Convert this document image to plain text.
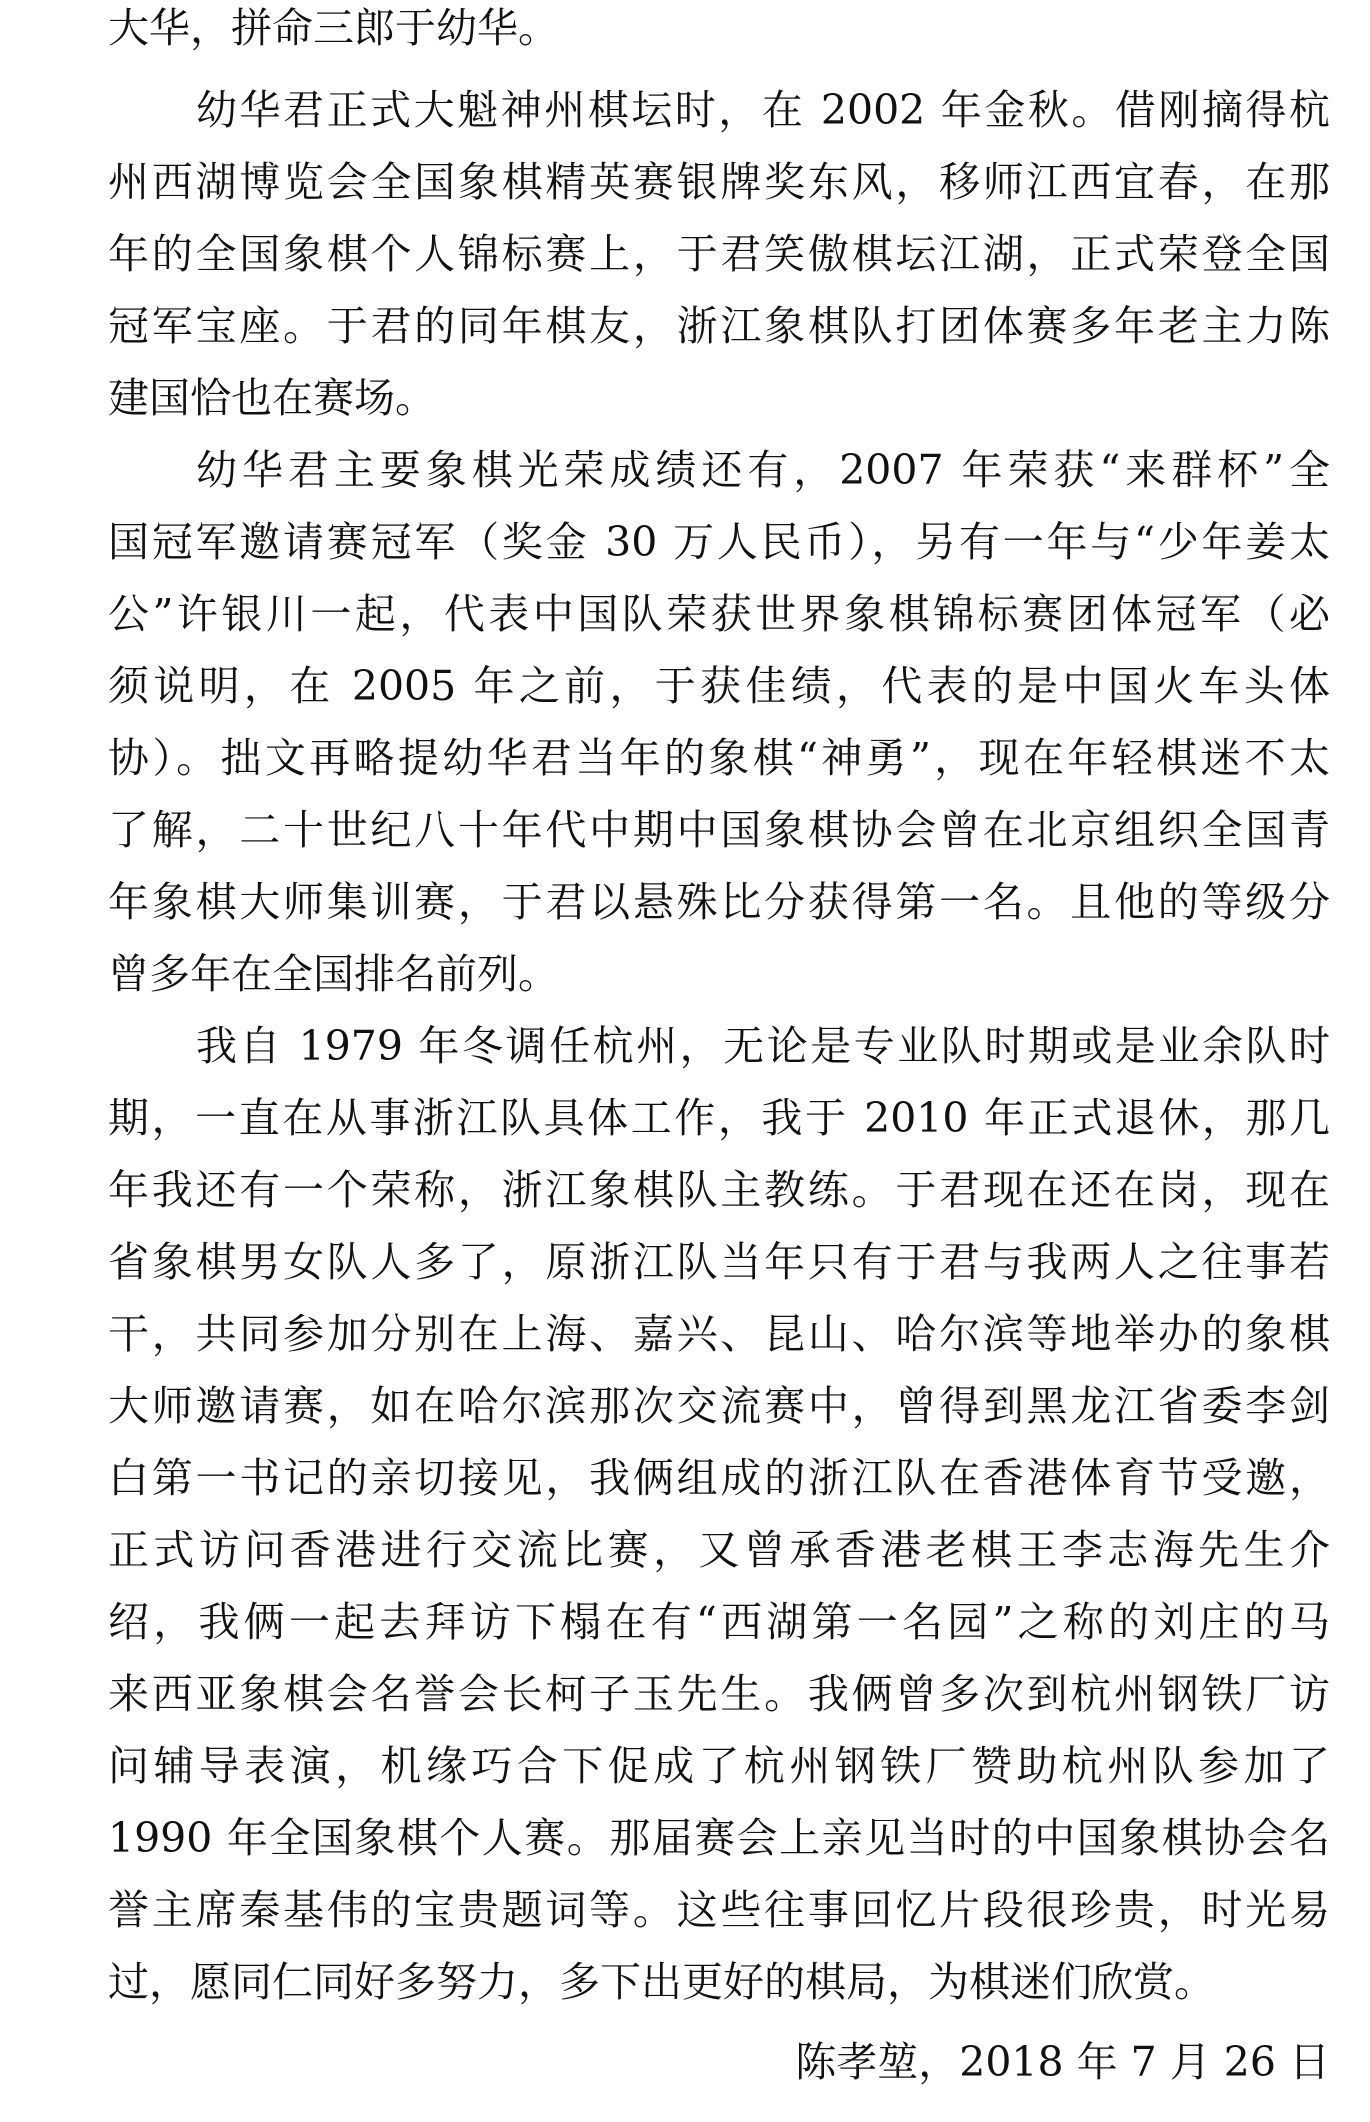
大华，拼命三郎于幼华。
幼华君正式大魁神州棋坛时，在 2002 年金秋。借刚摘得杭
州西湖博览会全国象棋精英赛银牌奖东风，移师江西宜春，在那
年的全国象棋个人锦标赛上，于君笑傲棋坛江湖，正式荣登全国
冠军宝座。于君的同年棋友，浙江象棋队打团体赛多年老主力陈
建国恰也在赛场。
幼华君主要象棋光荣成绩还有，2007 年荣获“来群杯”全
国冠军邀请赛冠军（奖金 30 万人民币），另有一年与“少年姜太
公”许银川一起，代表中国队荣获世界象棋锦标赛团体冠军（必
须说明，在 2005 年之前，于获佳绩，代表的是中国火车头体
协）。拙文再略提幼华君当年的象棋“神勇”，现在年轻棋迷不太
了解，二十世纪八十年代中期中国象棋协会曾在北京组织全国青
年象棋大师集训赛，于君以悬殊比分获得第一名。且他的等级分
曾多年在全国排名前列。
我自 1979 年冬调任杭州，无论是专业队时期或是业余队时
期，一直在从事浙江队具体工作，我于 2010 年正式退休，那几
年我还有一个荣称，浙江象棋队主教练。于君现在还在岗，现在
省象棋男女队人多了，原浙江队当年只有于君与我两人之往事若
干，共同参加分别在上海、嘉兴、昆山、哈尔滨等地举办的象棋
大师邀请赛，如在哈尔滨那次交流赛中，曾得到黑龙江省委李剑
白第一书记的亲切接见，我俩组成的浙江队在香港体育节受邀，
正式访问香港进行交流比赛，又曾承香港老棋王李志海先生介
绍，我俩一起去拜访下榻在有“西湖第一名园”之称的刘庄的马
来西亚象棋会名誉会长柯子玉先生。我俩曾多次到杭州钢铁厂访
问辅导表演，机缘巧合下促成了杭州钢铁厂赞助杭州队参加了
1990 年全国象棋个人赛。那届赛会上亲见当时的中国象棋协会名
誉主席秦基伟的宝贵题词等。这些往事回忆片段很珍贵，时光易
过，愿同仁同好多努力，多下出更好的棋局，为棋迷们欣赏。
陈孝堃，2018 年 7 月 26 日
